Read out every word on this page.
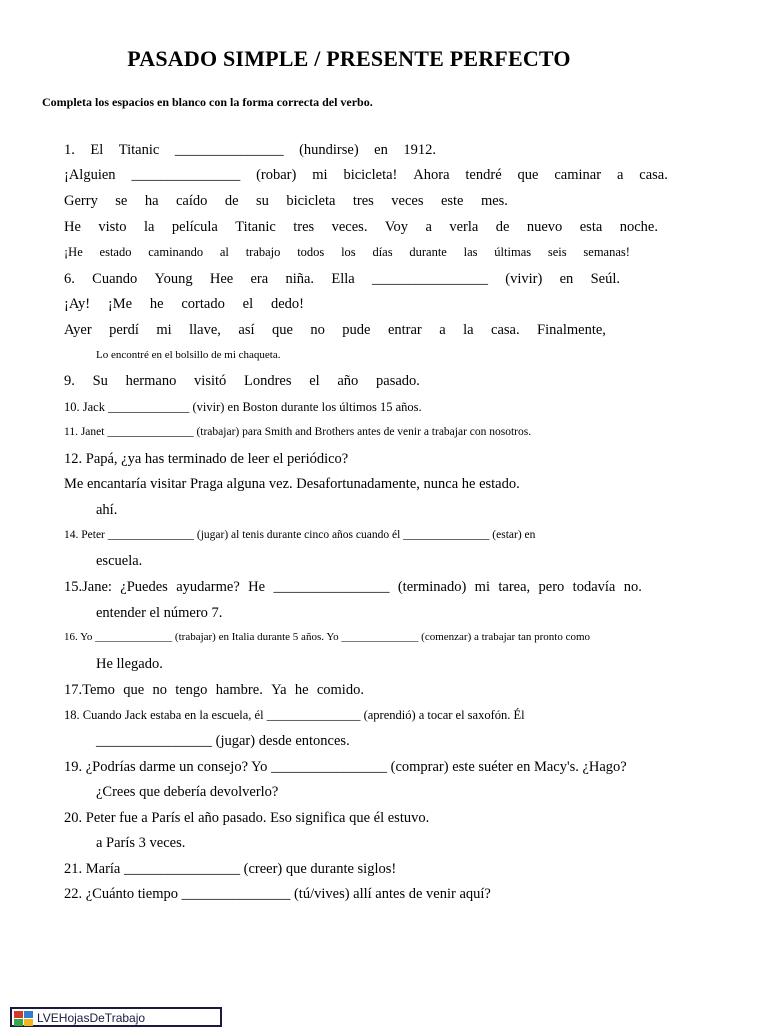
PASADO SIMPLE / PRESENTE PERFECTO
Completa los espacios en blanco con la forma correcta del verbo.
1. El Titanic _______________ (hundirse) en 1912.
¡Alguien _______________ (robar) mi bicicleta! Ahora tendré que caminar a casa.
Gerry se ha caído de su bicicleta tres veces este mes.
He visto la película Titanic tres veces. Voy a verla de nuevo esta noche.
¡He estado caminando al trabajo todos los días durante las últimas seis semanas!
6. Cuando Young Hee era niña. Ella ________________ (vivir) en Seúl.
¡Ay! ¡Me he cortado el dedo!
Ayer perdí mi llave, así que no pude entrar a la casa. Finalmente,
Lo encontré en el bolsillo de mi chaqueta.
9. Su hermano visitó Londres el año pasado.
10. Jack _____________ (vivir) en Boston durante los últimos 15 años.
11. Janet _______________ (trabajar) para Smith and Brothers antes de venir a trabajar con nosotros.
12. Papá, ¿ya has terminado de leer el periódico?
Me encantaría visitar Praga alguna vez. Desafortunadamente, nunca he estado.
ahí.
14. Peter _______________ (jugar) al tenis durante cinco años cuando él _______________ (estar) en
escuela.
15.Jane: ¿Puedes ayudarme? He ________________ (terminado) mi tarea, pero todavía no.
entender el número 7.
16. Yo ______________ (trabajar) en Italia durante 5 años. Yo ______________ (comenzar) a trabajar tan pronto como
He llegado.
17.Temo que no tengo hambre. Ya he comido.
18. Cuando Jack estaba en la escuela, él _______________ (aprendió) a tocar el saxofón. Él
________________ (jugar) desde entonces.
19. ¿Podrías darme un consejo? Yo ________________ (comprar) este suéter en Macy's. ¿Hago?
¿Crees que debería devolverlo?
20. Peter fue a París el año pasado. Eso significa que él estuvo.
a París 3 veces.
21. María ________________ (creer) que durante siglos!
22. ¿Cuánto tiempo _______________ (tú/vives) allí antes de venir aquí?
LVEHojasDeTrabajo
